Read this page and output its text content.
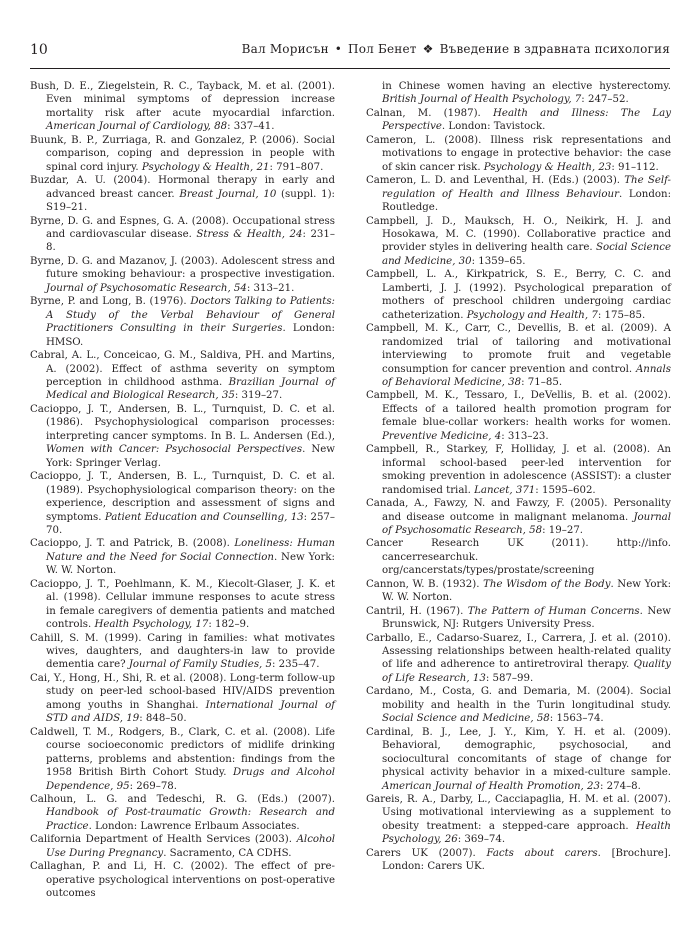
10	Вал Морисън • Пол Бенет ❖ Въведение в здравната психология

Bush, D. E., Ziegelstein, R. C., Tayback, M. et al. (2001). Even minimal symptoms of depression increase mortality risk after acute myocardial infarction. American Journal of Cardiology, 88: 337–41.

Buunk, B. P., Zurriaga, R. and Gonzalez, P. (2006). Social comparison, coping and depression in people with spinal cord injury. Psychology & Health, 21: 791–807.

Buzdar, A. U. (2004). Hormonal therapy in early and advanced breast cancer. Breast Journal, 10 (suppl. 1): S19–21.

Byrne, D. G. and Espnes, G. A. (2008). Occupational stress and cardiovascular disease. Stress & Health, 24: 231–8.

Byrne, D. G. and Mazanov, J. (2003). Adolescent stress and future smoking behaviour: a prospective investigation. Journal of Psychosomatic Research, 54: 313–21.

Byrne, P. and Long, B. (1976). Doctors Talking to Patients: A Study of the Verbal Behaviour of General Practitioners Consulting in their Surgeries. London: HMSO.

Cabral, A. L., Conceicao, G. M., Saldiva, PH. and Martins, A. (2002). Effect of asthma severity on symptom perception in childhood asthma. Brazilian Journal of Medical and Biological Research, 35: 319–27.

Cacioppo, J. T., Andersen, B. L., Turnquist, D. C. et al. (1986). Psychophysiological comparison processes: interpreting cancer symptoms. In B. L. Andersen (Ed.), Women with Cancer: Psychosocial Perspectives. New York: Springer Verlag.

Cacioppo, J. T., Andersen, B. L., Turnquist, D. C. et al. (1989). Psychophysiological comparison theory: on the experience, description and assessment of signs and symptoms. Patient Education and Counselling, 13: 257–70.

Cacioppo, J. T. and Patrick, B. (2008). Loneliness: Human Nature and the Need for Social Connection. New York: W. W. Norton.

Cacioppo, J. T., Poehlmann, K. M., Kiecolt-Glaser, J. K. et al. (1998). Cellular immune responses to acute stress in female caregivers of dementia patients and matched controls. Health Psychology, 17: 182–9.

Cahill, S. M. (1999). Caring in families: what motivates wives, daughters, and daughters-in law to provide dementia care? Journal of Family Studies, 5: 235–47.

Cai, Y., Hong, H., Shi, R. et al. (2008). Long-term follow-up study on peer-led school-based HIV/AIDS prevention among youths in Shanghai. International Journal of STD and AIDS, 19: 848–50.

Caldwell, T. M., Rodgers, B., Clark, C. et al. (2008). Life course socioeconomic predictors of midlife drinking patterns, problems and abstention: findings from the 1958 British Birth Cohort Study. Drugs and Alcohol Dependence, 95: 269–78.

Calhoun, L. G. and Tedeschi, R. G. (Eds.) (2007). Handbook of Post-traumatic Growth: Research and Practice. London: Lawrence Erlbaum Associates.

California Department of Health Services (2003). Alcohol Use During Pregnancy. Sacramento, CA CDHS.

Callaghan, P. and Li, H. C. (2002). The effect of pre-operative psychological interventions on post-operative outcomes

in Chinese women having an elective hysterectomy. British Journal of Health Psychology, 7: 247–52.

Calnan, M. (1987). Health and Illness: The Lay Perspective. London: Tavistock.

Cameron, L. (2008). Illness risk representations and motivations to engage in protective behavior: the case of skin cancer risk. Psychology & Health, 23: 91–112.

Cameron, L. D. and Leventhal, H. (Eds.) (2003). The Self-regulation of Health and Illness Behaviour. London: Routledge.

Campbell, J. D., Mauksch, H. O., Neikirk, H. J. and Hosokawa, M. C. (1990). Collaborative practice and provider styles in delivering health care. Social Science and Medicine, 30: 1359–65.

Campbell, L. A., Kirkpatrick, S. E., Berry, C. C. and Lamberti, J. J. (1992). Psychological preparation of mothers of preschool children undergoing cardiac catheterization. Psychology and Health, 7: 175–85.

Campbell, M. K., Carr, C., Devellis, B. et al. (2009). A randomized trial of tailoring and motivational interviewing to promote fruit and vegetable consumption for cancer prevention and control. Annals of Behavioral Medicine, 38: 71–85.

Campbell, M. K., Tessaro, I., DeVellis, B. et al. (2002). Effects of a tailored health promotion program for female blue-collar workers: health works for women. Preventive Medicine, 4: 313–23.

Campbell, R., Starkey, F, Holliday, J. et al. (2008). An informal school-based peer-led intervention for smoking prevention in adolescence (ASSIST): a cluster randomised trial. Lancet, 371: 1595–602.

Canada, A., Fawzy, N. and Fawzy, F. (2005). Personality and disease outcome in malignant melanoma. Journal of Psychosomatic Research, 58: 19–27.

Cancer Research UK (2011). http://info. cancerresearchuk. org/cancerstats/types/prostate/screening

Cannon, W. B. (1932). The Wisdom of the Body. New York: W. W. Norton.

Cantril, H. (1967). The Pattern of Human Concerns. New Brunswick, NJ: Rutgers University Press.

Carballo, E., Cadarso-Suarez, I., Carrera, J. et al. (2010). Assessing relationships between health-related quality of life and adherence to antiretroviral therapy. Quality of Life Research, 13: 587–99.

Cardano, M., Costa, G. and Demaria, M. (2004). Social mobility and health in the Turin longitudinal study. Social Science and Medicine, 58: 1563–74.

Cardinal, B. J., Lee, J. Y., Kim, Y. H. et al. (2009). Behavioral, demographic, psychosocial, and sociocultural concomitants of stage of change for physical activity behavior in a mixed-culture sample. American Journal of Health Promotion, 23: 274–8.

Gareis, R. A., Darby, L., Cacciapaglia, H. M. et al. (2007). Using motivational interviewing as a supplement to obesity treatment: a stepped-care approach. Health Psychology, 26: 369–74.

Carers UK (2007). Facts about carers. [Brochure]. London: Carers UK.
